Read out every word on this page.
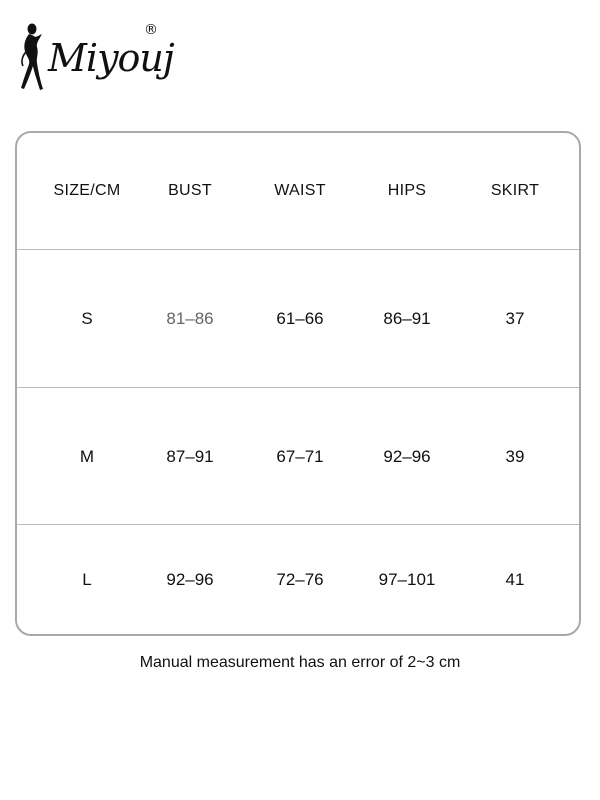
Miyouj
®
SIZE/CM	BUST	WAIST	HIPS	SKIRT
S	81–86	61–66	86–91	37
M	87–91	67–71	92–96	39
L	92–96	72–76	97–101	41
Manual measurement has an error of 2~3 cm
